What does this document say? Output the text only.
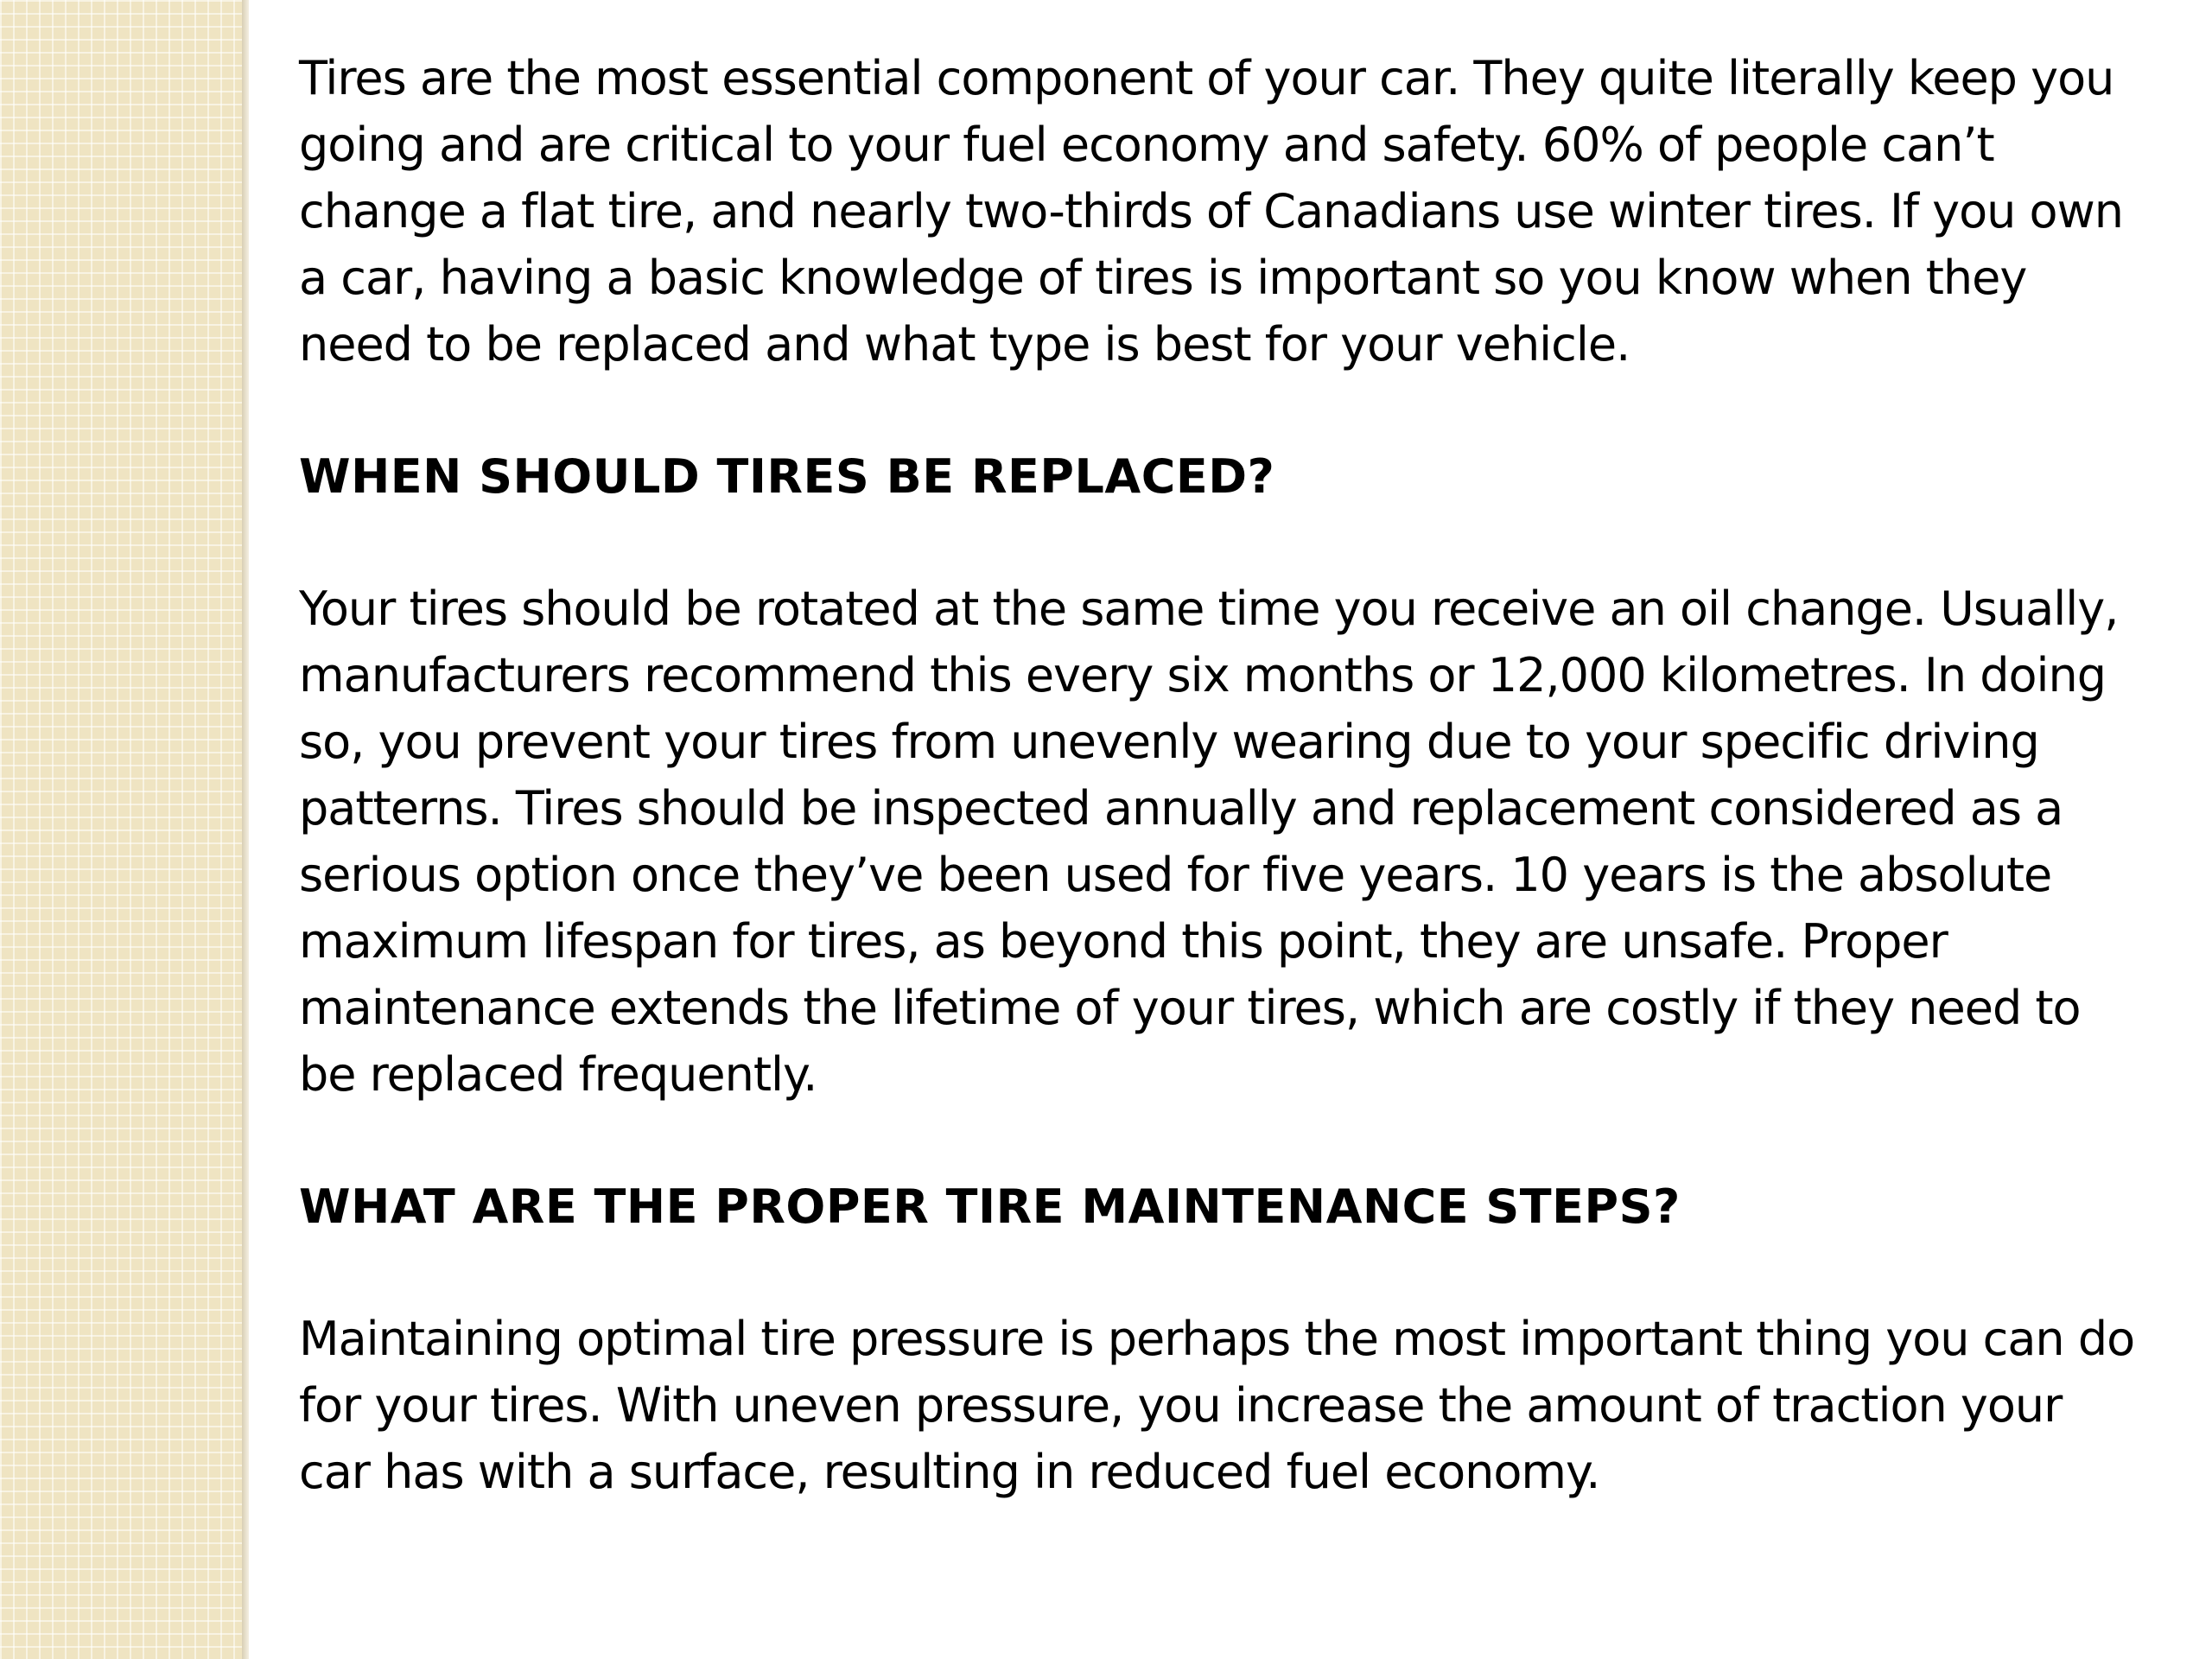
Tires are the most essential component of your car. They quite literally keep you going and are critical to your fuel economy and safety. 60% of people can’t change a flat tire, and nearly two-thirds of Canadians use winter tires. If you own a car, having a basic knowledge of tires is important so you know when they need to be replaced and what type is best for your vehicle.

WHEN SHOULD TIRES BE REPLACED?

Your tires should be rotated at the same time you receive an oil change. Usually, manufacturers recommend this every six months or 12,000 kilometres. In doing so, you prevent your tires from unevenly wearing due to your specific driving patterns. Tires should be inspected annually and replacement considered as a serious option once they’ve been used for five years. 10 years is the absolute maximum lifespan for tires, as beyond this point, they are unsafe. Proper maintenance extends the lifetime of your tires, which are costly if they need to be replaced frequently.

WHAT ARE THE PROPER TIRE MAINTENANCE STEPS?

Maintaining optimal tire pressure is perhaps the most important thing you can do for your tires. With uneven pressure, you increase the amount of traction your car has with a surface, resulting in reduced fuel economy.
